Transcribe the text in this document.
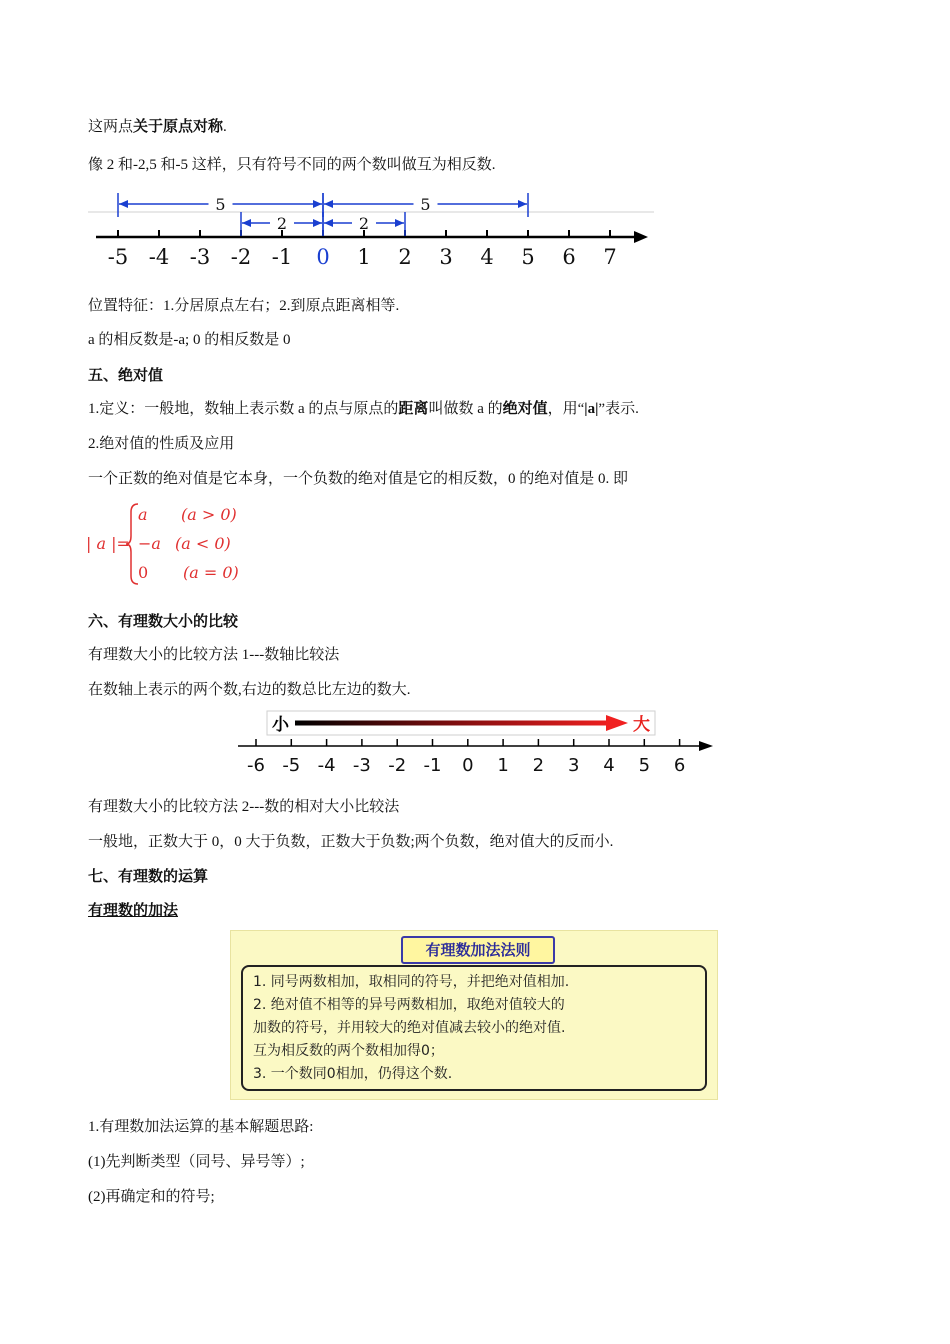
这两点关于原点对称.
像 2 和-2,5 和-5 这样，只有符号不同的两个数叫做互为相反数.
-5 -4 -3 -2 -1 0 1 2 3 4 5 6 7
5	5
2	2
位置特征：1.分居原点左右；2.到原点距离相等.
a 的相反数是-a; 0 的相反数是 0
五、绝对值
1.定义：一般地，数轴上表示数 a 的点与原点的距离叫做数 a 的绝对值，用“|a|”表示.
2.绝对值的性质及应用
一个正数的绝对值是它本身，一个负数的绝对值是它的相反数，0 的绝对值是 0. 即
| a |=
a (a > 0)
−a (a < 0)
0 (a = 0)
六、有理数大小的比较
有理数大小的比较方法 1---数轴比较法
在数轴上表示的两个数,右边的数总比左边的数大.
小	大
-6 -5 -4 -3 -2 -1 0 1 2 3 4 5 6
有理数大小的比较方法 2---数的相对大小比较法
一般地，正数大于 0，0 大于负数，正数大于负数;两个负数，绝对值大的反而小.
七、有理数的运算
有理数的加法
有理数加法法则
1. 同号两数相加，取相同的符号，并把绝对值相加.
2. 绝对值不相等的异号两数相加，取绝对值较大的
加数的符号，并用较大的绝对值减去较小的绝对值.
互为相反数的两个数相加得0；
3. 一个数同0相加，仍得这个数.
1.有理数加法运算的基本解题思路:
(1)先判断类型（同号、异号等）;
(2)再确定和的符号;
